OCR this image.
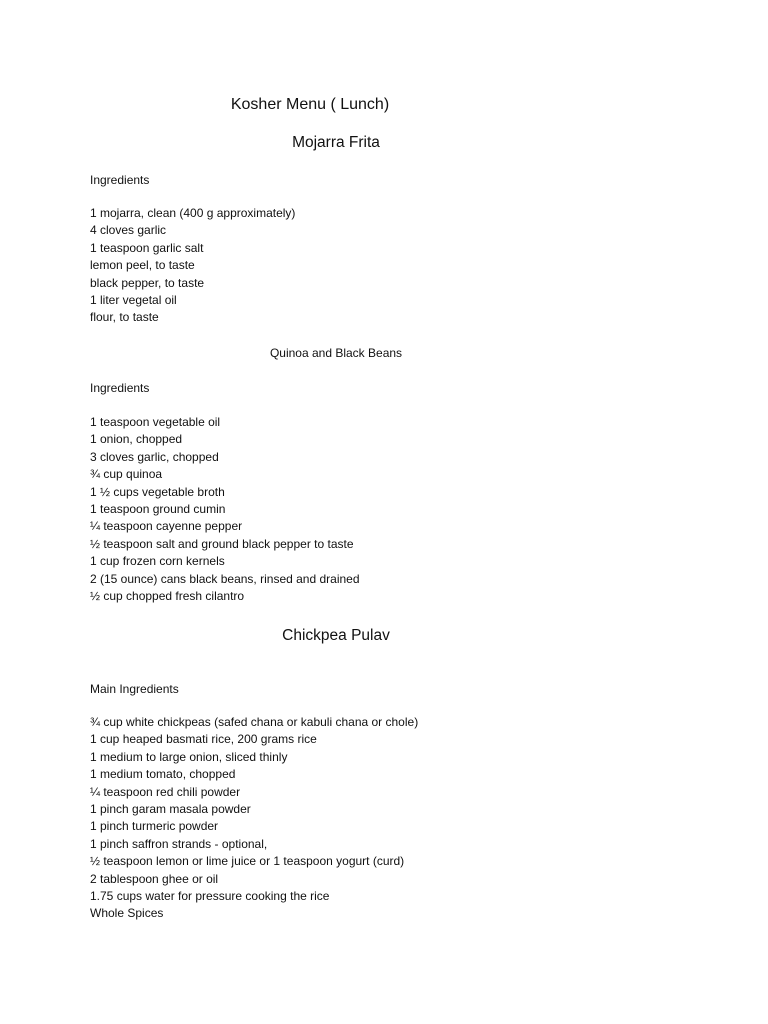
Kosher Menu ( Lunch)
Mojarra Frita
Ingredients
1 mojarra, clean (400 g approximately)
4 cloves garlic
1 teaspoon garlic salt
lemon peel, to taste
black pepper, to taste
1 liter vegetal oil
flour, to taste
Quinoa and Black Beans
Ingredients
1 teaspoon vegetable oil
1 onion, chopped
3 cloves garlic, chopped
¾ cup quinoa
1 ½ cups vegetable broth
1 teaspoon ground cumin
¼ teaspoon cayenne pepper
½ teaspoon salt and ground black pepper to taste
1 cup frozen corn kernels
2 (15 ounce) cans black beans, rinsed and drained
½ cup chopped fresh cilantro
Chickpea Pulav
Main Ingredients
¾ cup white chickpeas (safed chana or kabuli chana or chole)
1 cup heaped basmati rice, 200 grams rice
1 medium to large onion, sliced thinly
1 medium tomato, chopped
¼ teaspoon red chili powder
1 pinch garam masala powder
1 pinch turmeric powder
1 pinch saffron strands - optional,
½ teaspoon lemon or lime juice or 1 teaspoon yogurt (curd)
2 tablespoon ghee or oil
1.75 cups water for pressure cooking the rice
Whole Spices
